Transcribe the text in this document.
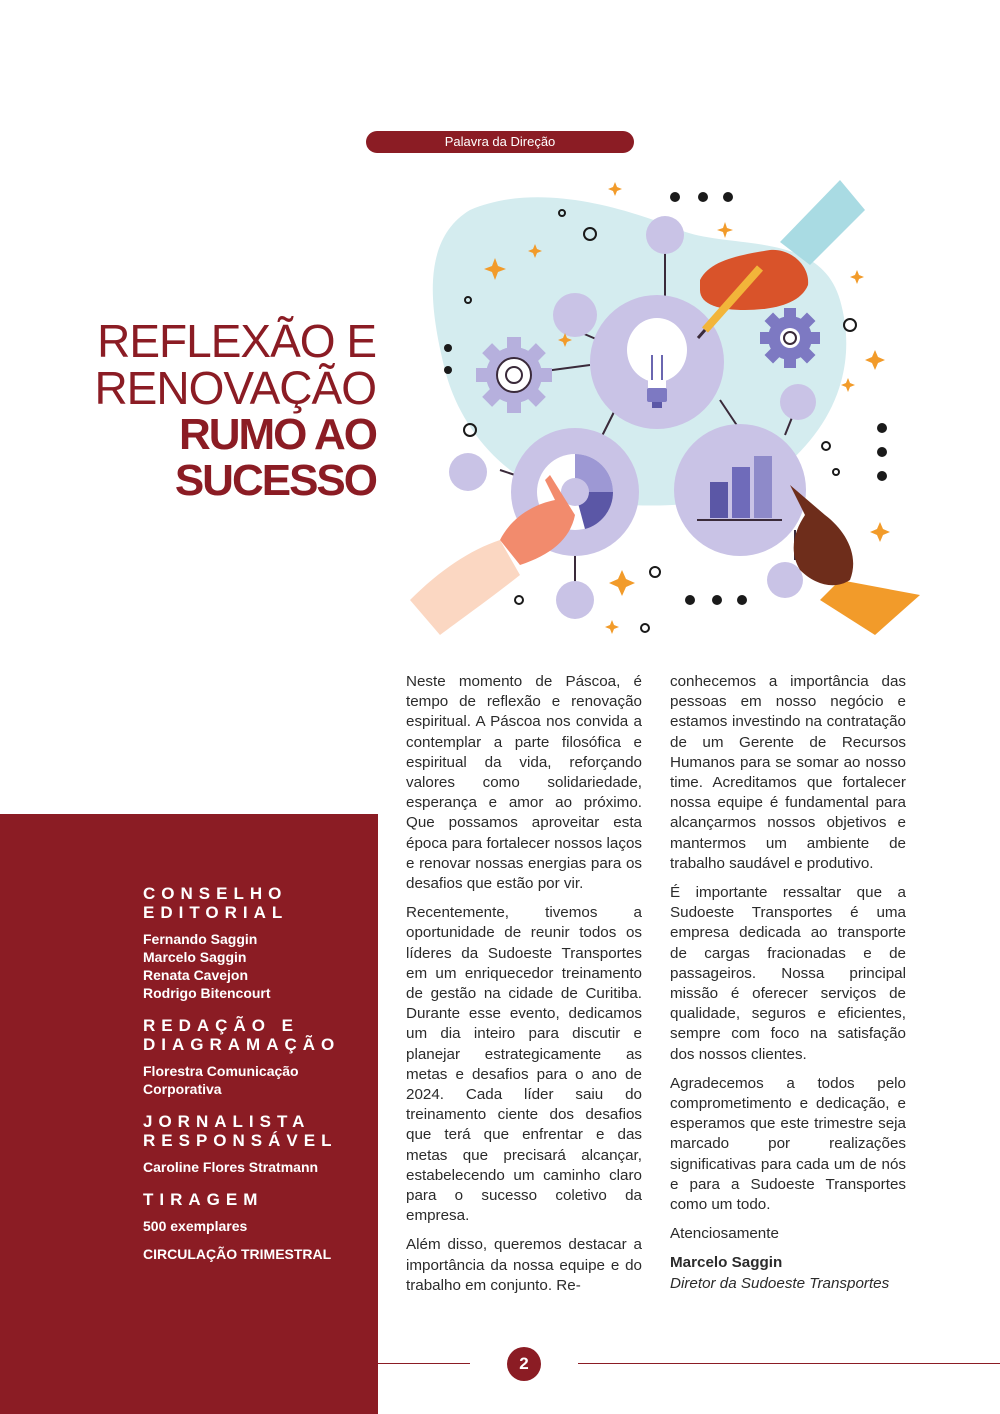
Palavra da Direção
REFLEXÃO E
RENOVAÇÃO
RUMO AO
SUCESSO
CONSELHO EDITORIAL
Fernando Saggin
Marcelo Saggin
Renata Cavejon
Rodrigo Bitencourt
REDAÇÃO E DIAGRAMAÇÃO
Florestra Comunicação Corporativa
JORNALISTA RESPONSÁVEL
Caroline Flores Stratmann
TIRAGEM
500 exemplares
CIRCULAÇÃO TRIMESTRAL

Neste momento de Páscoa, é tempo de reflexão e renovação espiritual. A Páscoa nos convida a contemplar a parte filosófica e espiritual da vida, reforçando valores como solidariedade, esperança e amor ao próximo. Que possamos aproveitar esta época para fortalecer nossos laços e renovar nossas energias para os desafios que estão por vir.

Recentemente, tivemos a oportunidade de reunir todos os líderes da Sudoeste Transportes em um enriquecedor treinamento de gestão na cidade de Curitiba. Durante esse evento, dedicamos um dia inteiro para discutir e planejar estrategicamente as metas e desafios para o ano de 2024. Cada líder saiu do treinamento ciente dos desafios que terá que enfrentar e das metas que precisará alcançar, estabelecendo um caminho claro para o sucesso coletivo da empresa.

Além disso, queremos destacar a importância da nossa equipe e do trabalho em conjunto. Re-

conhecemos a importância das pessoas em nosso negócio e estamos investindo na contratação de um Gerente de Recursos Humanos para se somar ao nosso time. Acreditamos que fortalecer nossa equipe é fundamental para alcançarmos nossos objetivos e mantermos um ambiente de trabalho saudável e produtivo.

É importante ressaltar que a Sudoeste Transportes é uma empresa dedicada ao transporte de cargas fracionadas e de passageiros. Nossa principal missão é oferecer serviços de qualidade, seguros e eficientes, sempre com foco na satisfação dos nossos clientes.

Agradecemos a todos pelo comprometimento e dedicação, e esperamos que este trimestre seja marcado por realizações significativas para cada um de nós e para a Sudoeste Transportes como um todo.

Atenciosamente

Marcelo Saggin
Diretor da Sudoeste Transportes
2
